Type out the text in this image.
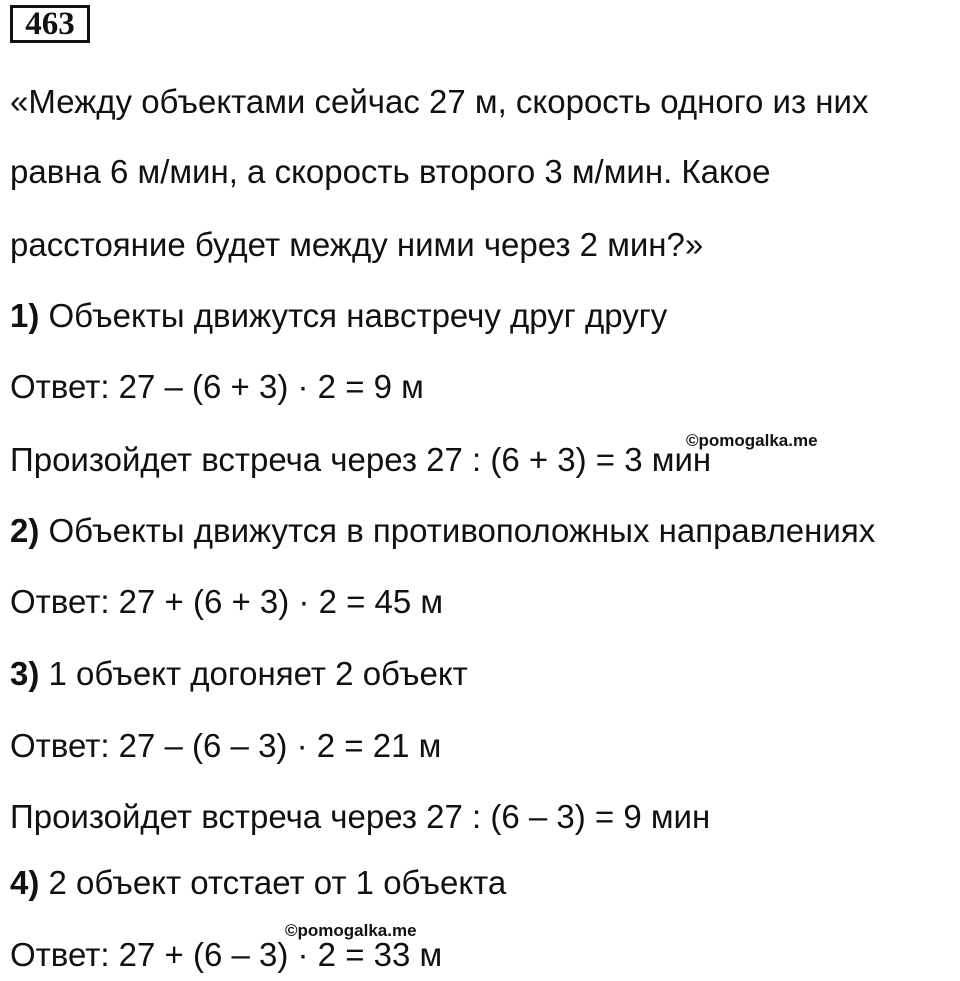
463
«Между объектами сейчас 27 м, скорость одного из них
равна 6 м/мин, а скорость второго 3 м/мин. Какое
расстояние будет между ними через 2 мин?»
1) Объекты движутся навстречу друг другу
Ответ: 27 – (6 + 3) · 2 = 9 м
Произойдет встреча через 27 : (6 + 3) = 3 мин
2) Объекты движутся в противоположных направлениях
Ответ: 27 + (6 + 3) · 2 = 45 м
3) 1 объект догоняет 2 объект
Ответ: 27 – (6 – 3) · 2 = 21 м
Произойдет встреча через 27 : (6 – 3) = 9 мин
4) 2 объект отстает от 1 объекта
Ответ: 27 + (6 – 3) · 2 = 33 м
©pomogalka.me
©pomogalka.me
